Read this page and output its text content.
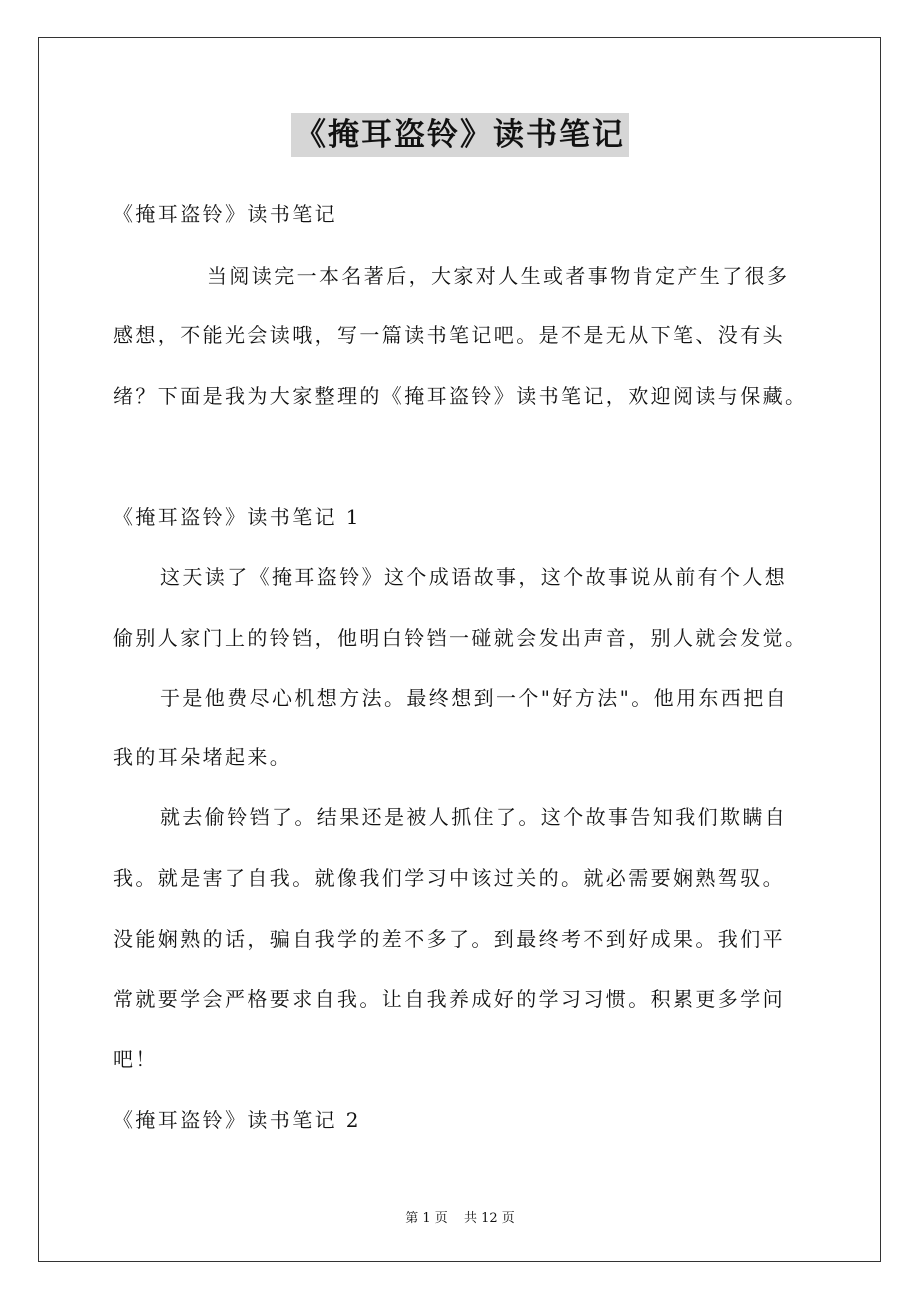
《掩耳盗铃》读书笔记
《掩耳盗铃》读书笔记
当阅读完一本名著后，大家对人生或者事物肯定产生了很多
感想，不能光会读哦，写一篇读书笔记吧。是不是无从下笔、没有头
绪？下面是我为大家整理的《掩耳盗铃》读书笔记，欢迎阅读与保藏。
《掩耳盗铃》读书笔记 1
这天读了《掩耳盗铃》这个成语故事，这个故事说从前有个人想
偷别人家门上的铃铛，他明白铃铛一碰就会发出声音，别人就会发觉。
于是他费尽心机想方法。最终想到一个"好方法"。他用东西把自
我的耳朵堵起来。
就去偷铃铛了。结果还是被人抓住了。这个故事告知我们欺瞒自
我。就是害了自我。就像我们学习中该过关的。就必需要娴熟驾驭。
没能娴熟的话，骗自我学的差不多了。到最终考不到好成果。我们平
常就要学会严格要求自我。让自我养成好的学习习惯。积累更多学问
吧！
《掩耳盗铃》读书笔记 2
第 1 页 共 12 页
